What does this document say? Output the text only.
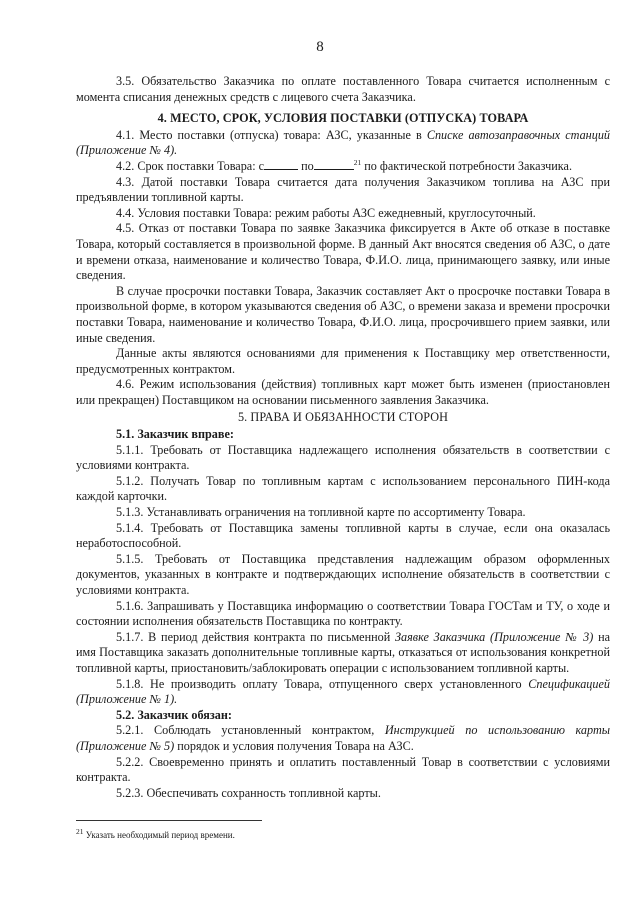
8

3.5. Обязательство Заказчика по оплате поставленного Товара считается исполненным с момента списания денежных средств с лицевого счета Заказчика.

4. МЕСТО, СРОК, УСЛОВИЯ ПОСТАВКИ (ОТПУСКА) ТОВАРА

4.1. Место поставки (отпуска) товара: АЗС, указанные в Списке автозаправочных станций (Приложение № 4).

4.2. Срок поставки Товара: с	по	$^{21}$ по фактической потребности Заказчика.

4.3. Датой поставки Товара считается дата получения Заказчиком топлива на АЗС при предъявлении топливной карты.

4.4. Условия поставки Товара: режим работы АЗС ежедневный, круглосуточный.

4.5. Отказ от поставки Товара по заявке Заказчика фиксируется в Акте об отказе в поставке Товара, который составляется в произвольной форме. В данный Акт вносятся сведения об АЗС, о дате и времени отказа, наименование и количество Товара, Ф.И.О. лица, принимающего заявку, или иные сведения.

В случае просрочки поставки Товара, Заказчик составляет Акт о просрочке поставки Товара в произвольной форме, в котором указываются сведения об АЗС, о времени заказа и времени просрочки поставки Товара, наименование и количество Товара, Ф.И.О. лица, просрочившего прием заявки, или иные сведения.

Данные акты являются основаниями для применения к Поставщику мер ответственности, предусмотренных контрактом.

4.6. Режим использования (действия) топливных карт может быть изменен (приостановлен или прекращен) Поставщиком на основании письменного заявления Заказчика.

5. ПРАВА И ОБЯЗАННОСТИ СТОРОН

5.1. Заказчик вправе:

5.1.1. Требовать от Поставщика надлежащего исполнения обязательств в соответствии с условиями контракта.

5.1.2. Получать Товар по топливным картам с использованием персонального ПИН-кода каждой карточки.

5.1.3. Устанавливать ограничения на топливной карте по ассортименту Товара.

5.1.4. Требовать от Поставщика замены топливной карты в случае, если она оказалась неработоспособной.

5.1.5. Требовать от Поставщика представления надлежащим образом оформленных документов, указанных в контракте и подтверждающих исполнение обязательств в соответствии с условиями контракта.

5.1.6. Запрашивать у Поставщика информацию о соответствии Товара ГОСТам и ТУ, о ходе и состоянии исполнения обязательств Поставщика по контракту.

5.1.7. В период действия контракта по письменной Заявке Заказчика (Приложение № 3) на имя Поставщика заказать дополнительные топливные карты, отказаться от использования конкретной топливной карты, приостановить/заблокировать операции с использованием топливной карты.

5.1.8. Не производить оплату Товара, отпущенного сверх установленного Спецификацией (Приложение № 1).

5.2. Заказчик обязан:

5.2.1. Соблюдать установленный контрактом, Инструкцией по использованию карты (Приложение № 5) порядок и условия получения Товара на АЗС.

5.2.2. Своевременно принять и оплатить поставленный Товар в соответствии с условиями контракта.

5.2.3. Обеспечивать сохранность топливной карты.

$^{21}$ Указать необходимый период времени.
